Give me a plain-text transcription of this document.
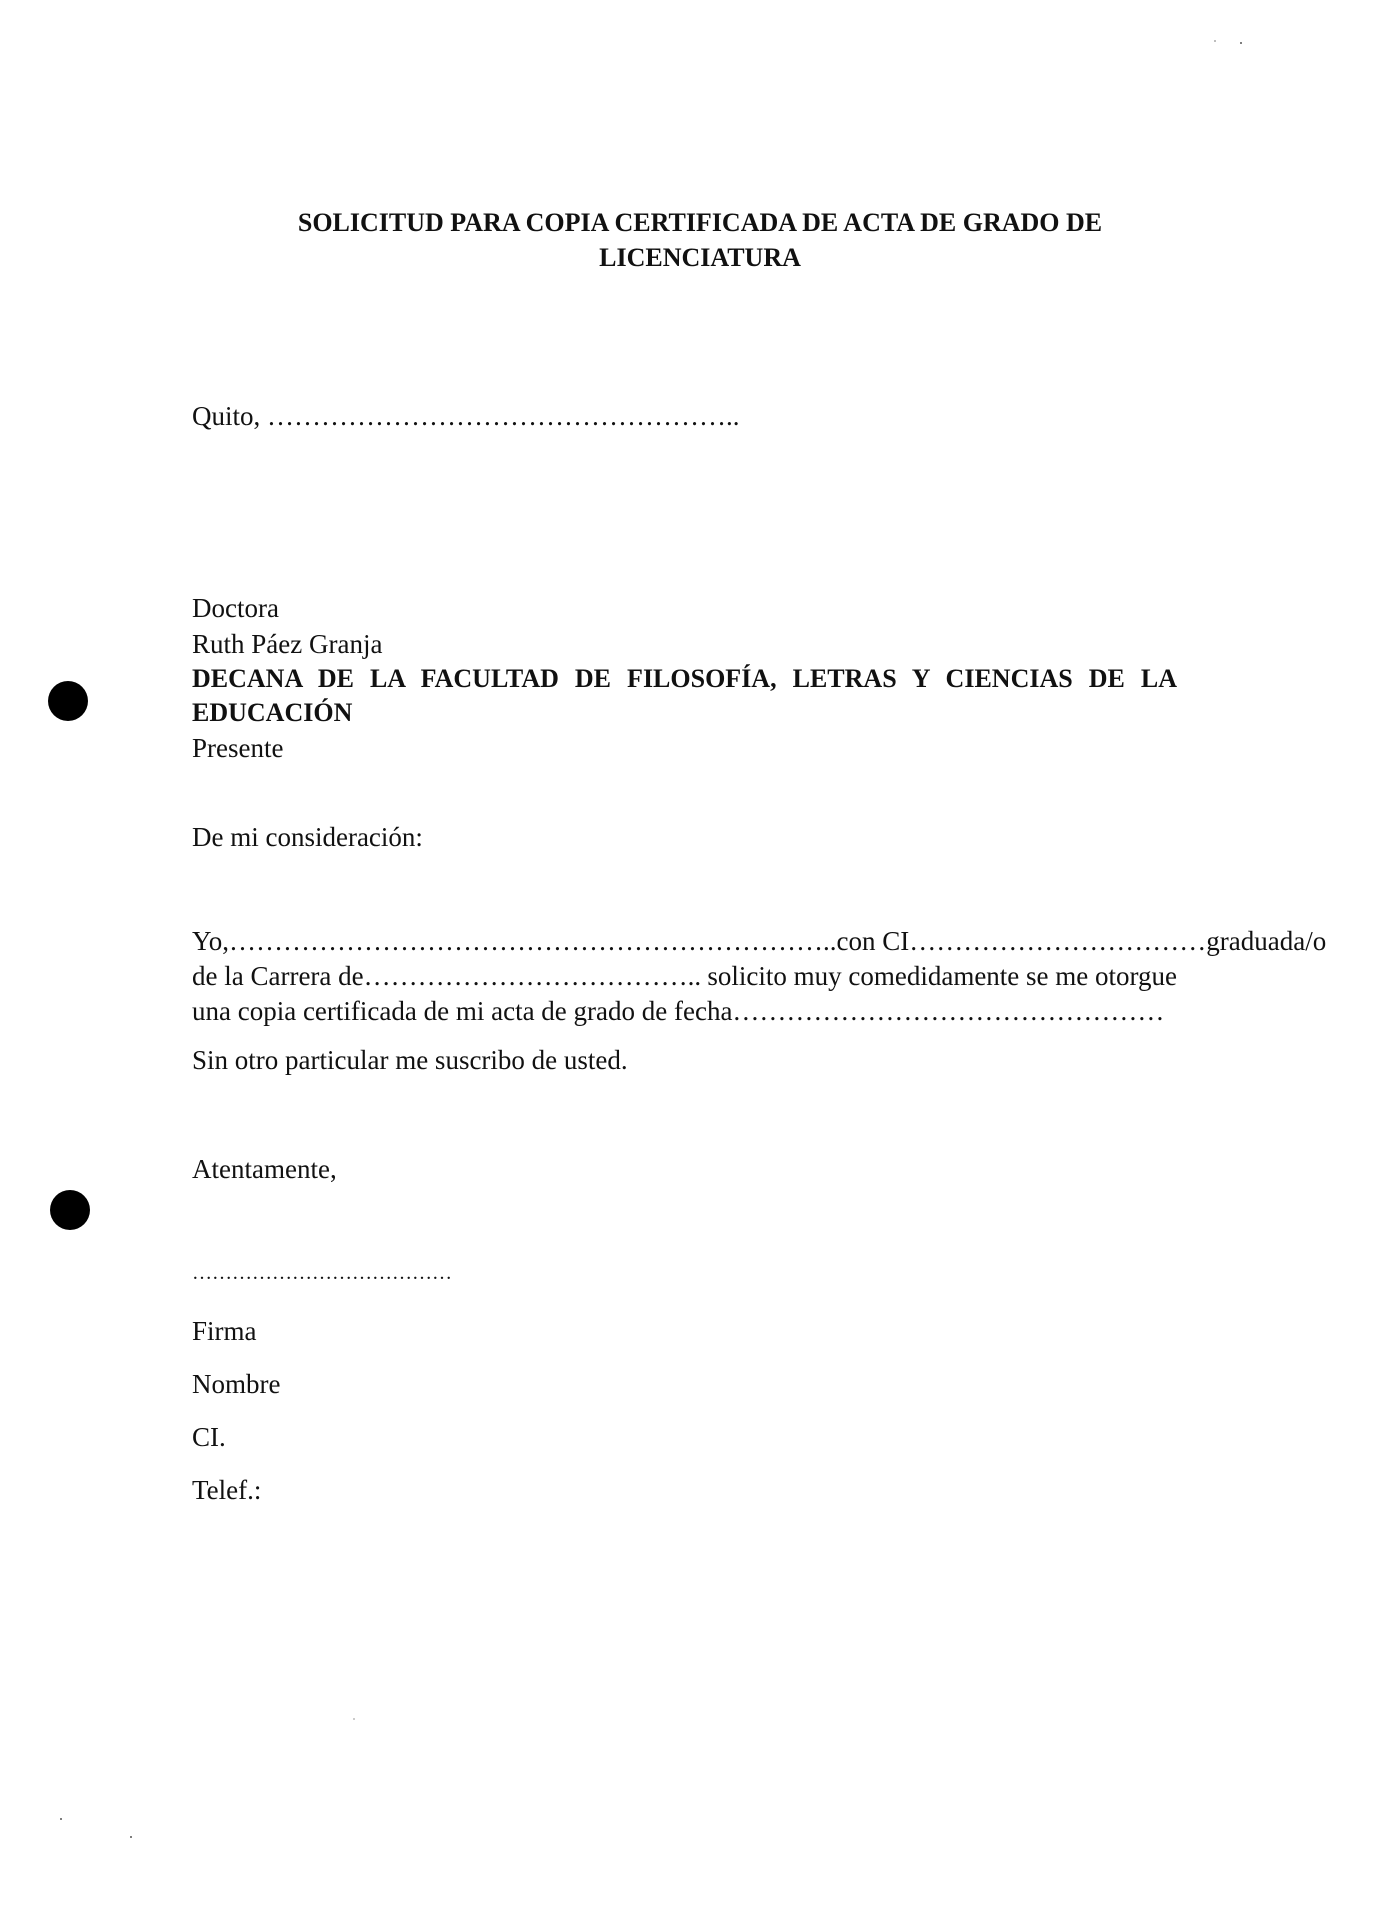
SOLICITUD PARA COPIA CERTIFICADA DE ACTA DE GRADO DE
LICENCIATURA
Quito, ……………………………………………..
Doctora
Ruth Páez Granja
DECANA DE LA FACULTAD DE FILOSOFÍA, LETRAS Y CIENCIAS DE LA
EDUCACIÓN
Presente
De mi consideración:
Yo,………………………………………………………….. con CI…………………………… graduada/o
de la Carrera de……………………………….. solicito muy comedidamente se me otorgue
una copia certificada de mi acta de grado de fecha…………………………………………
Sin otro particular me suscribo de usted.
Atentamente,
…………………………………
Firma
Nombre
CI.
Telef.:
